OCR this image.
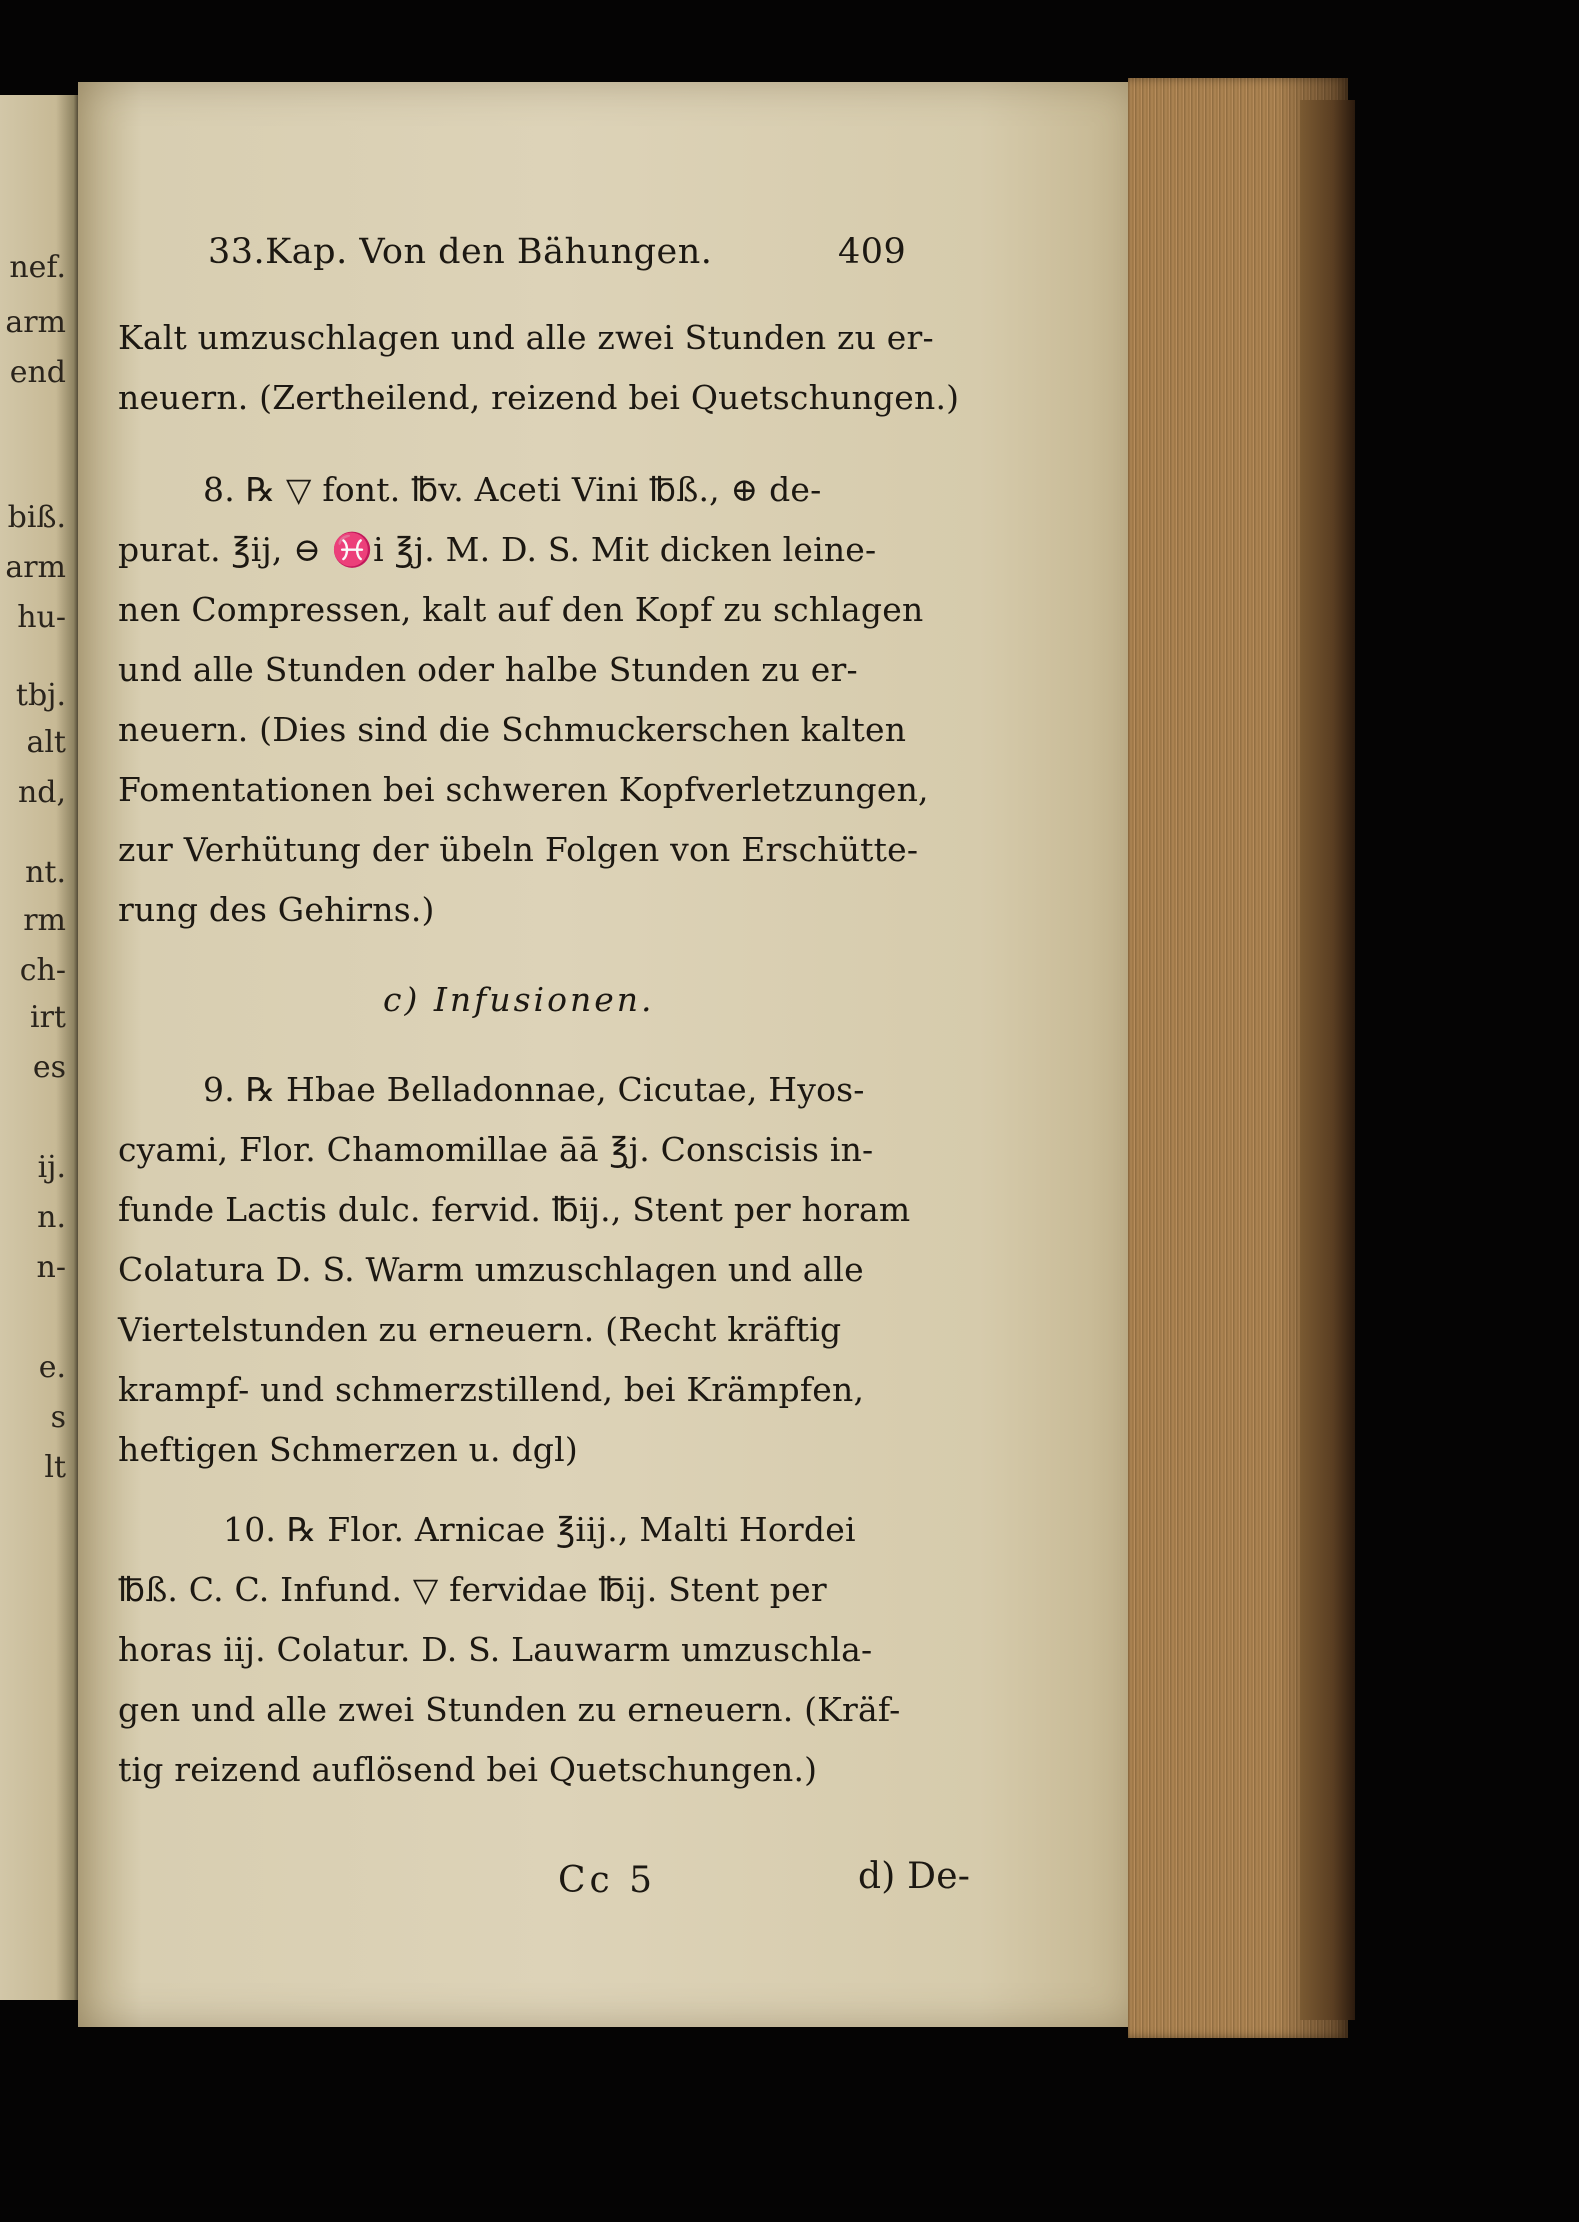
nef.
arm
end
biß.
arm
hu-
tbj.
alt
nd,
nt.
rm
ch-
irt
es
ij.
n.
n-
e.
s
lt
33.Kap. Von den Bähungen.	409
Kalt umzuschlagen und alle zwei Stunden zu er-
neuern. (Zertheilend, reizend bei Quetschungen.)
8. ℞ ▽ font. ℔v. Aceti Vini ℔ß., ⊕ de-
purat. ℥ij, ⊖ ♓i ℥j. M. D. S. Mit dicken leine-
nen Compressen, kalt auf den Kopf zu schlagen
und alle Stunden oder halbe Stunden zu er-
neuern. (Dies sind die Schmuckerschen kalten
Fomentationen bei schweren Kopfverletzungen,
zur Verhütung der übeln Folgen von Erschütte-
rung des Gehirns.)
c) Infusionen.
9. ℞ Hbae Belladonnae, Cicutae, Hyos-
cyami, Flor. Chamomillae āā ℥j. Conscisis in-
funde Lactis dulc. fervid. ℔ij., Stent per horam
Colatura D. S. Warm umzuschlagen und alle
Viertelstunden zu erneuern. (Recht kräftig
krampf- und schmerzstillend, bei Krämpfen,
heftigen Schmerzen u. dgl)
10. ℞ Flor. Arnicae ℥iij., Malti Hordei
℔ß. C. C. Infund. ▽ fervidae ℔ij. Stent per
horas iij. Colatur. D. S. Lauwarm umzuschla-
gen und alle zwei Stunden zu erneuern. (Kräf-
tig reizend auflösend bei Quetschungen.)
Cc 5	d) De-
